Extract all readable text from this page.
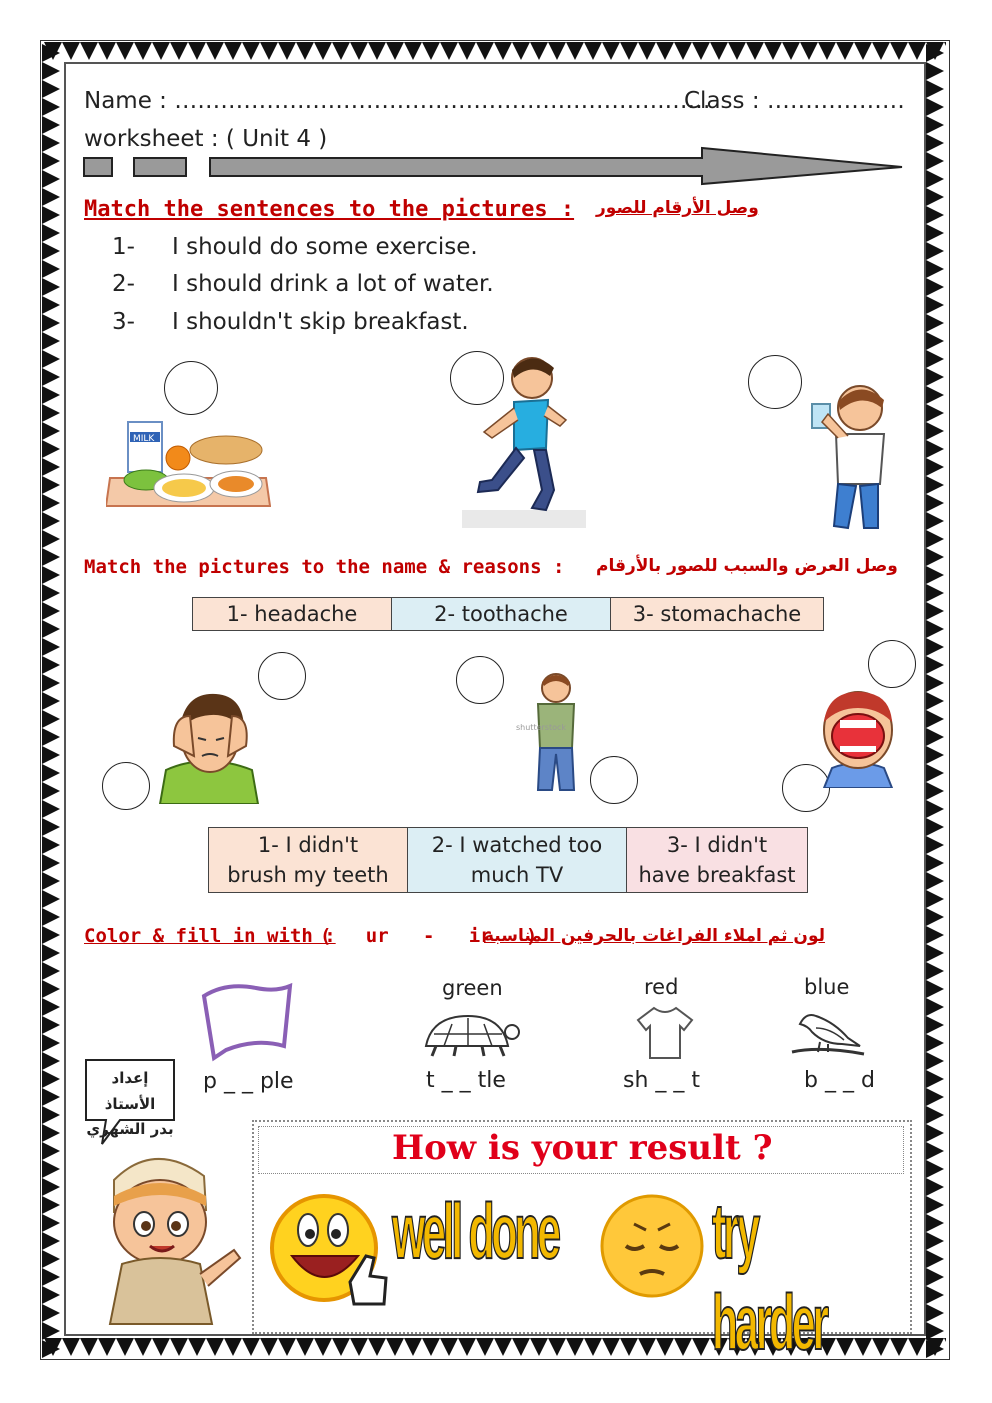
Name : ……………………………………………………….……
Class : ………………
worksheet : ( Unit 4 )
Match the sentences to the pictures : وصل الأرقام للصور
1- I should do some exercise.
2- I should drink a lot of water.
3- I shouldn't skip breakfast.
MILK
Match the pictures to the name & reasons : وصل العرض والسبب للصور بالأرقام
1- headache	2- toothache	3- stomachache
shutterstock
1- I didn't
brush my teeth

2- I watched too
much TV

3- I didn't
have breakfast
Color & fill in with :
(   ur   -   ir   )
لون ثم املاء الفراغات بالحرفين المناسبة
green	red	blue
p _ _ ple	t _ _ tle	sh _ _ t	b _ _ d
إعداد الأستاذ
بدر الشهري	How is your result ?
well done try harder
